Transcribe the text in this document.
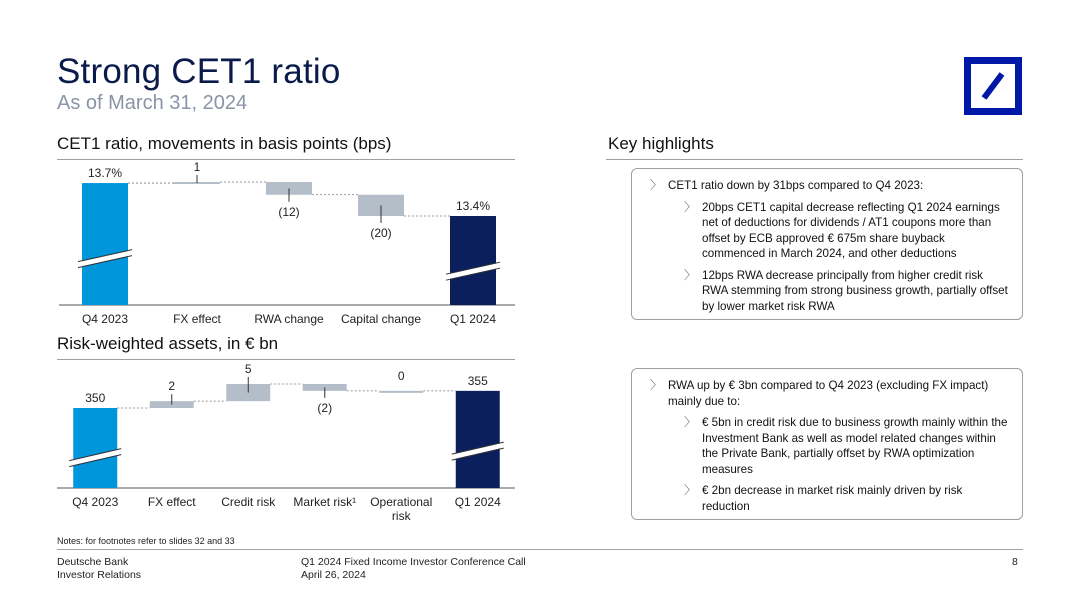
Strong CET1 ratio
As of March 31, 2024
CET1 ratio, movements in basis points (bps)
Risk-weighted assets, in € bn
13.7%	1
(12)
(20)
13.4%
Q4 2023	FX effect	RWA change Capital change Q1 2024
350
2
5
(2)
0	355
Q4 2023 FX effect Credit risk Market risk¹ Operational
risk
Q1 2024
Key highlights
〉 CET1 ratio down by 31bps compared to Q4 2023:
〉 20bps CET1 capital decrease reflecting Q1 2024 earnings net of deductions for dividends / AT1 coupons more than offset by ECB approved € 675m share buyback commenced in March 2024, and other deductions
〉 12bps RWA decrease principally from higher credit risk RWA stemming from strong business growth, partially offset by lower market risk RWA
〉 RWA up by € 3bn compared to Q4 2023 (excluding FX impact) mainly due to:
〉 € 5bn in credit risk due to business growth mainly within the Investment Bank as well as model related changes within the Private Bank, partially offset by RWA optimization measures
〉 € 2bn decrease in market risk mainly driven by risk reduction
Notes: for footnotes refer to slides 32 and 33
Deutsche Bank
Investor Relations
Q1 2024 Fixed Income Investor Conference Call
April 26, 2024
8
